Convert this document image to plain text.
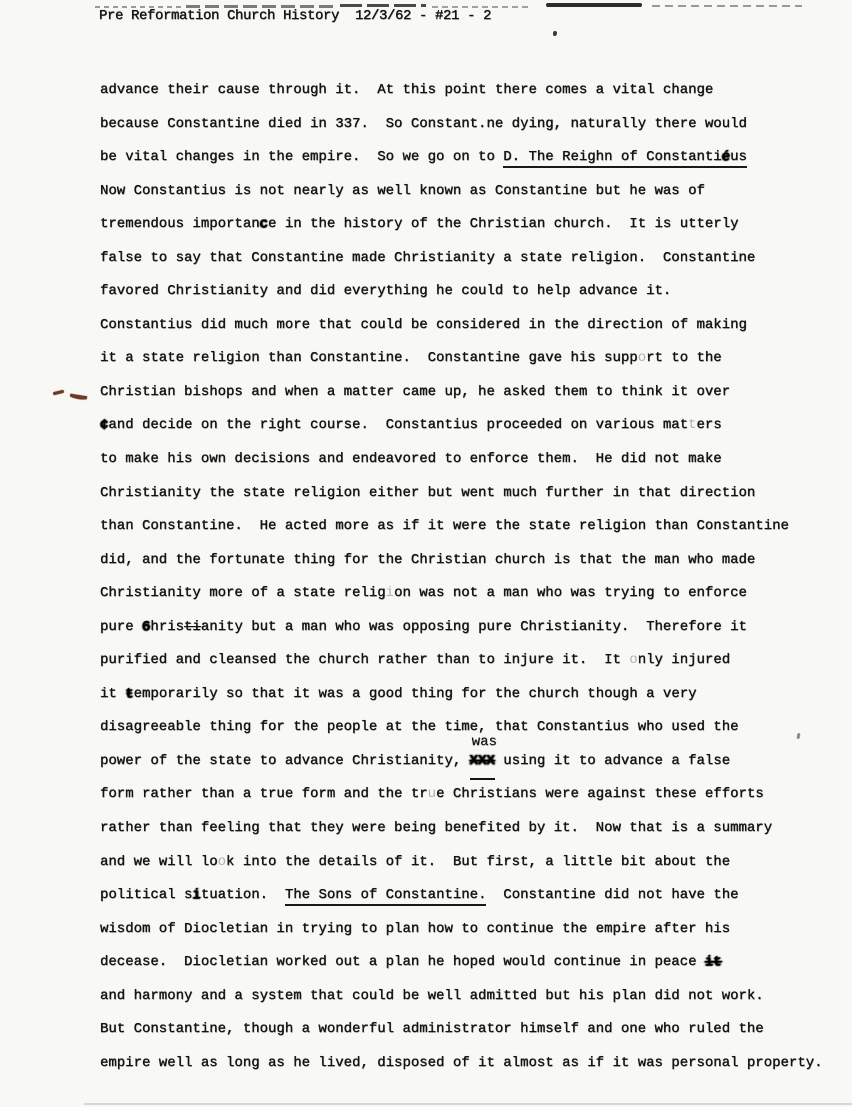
Pre Reformation Church History  12/3/62 - #21 - 2
advance their cause through it.  At this point there comes a vital change
because Constantine died in 337.  So Constant.ne dying, naturally there would
be vital changes in the empire.  So we go on to D. The Reighn of Constantiéus
Now Constantius is not nearly as well known as Constantine but he was of
tremendous importance in the history of the Christian church.  It is utterly
false to say that Constantine made Christianity a state religion.  Constantine
favored Christianity and did everything he could to help advance it.
Constantius did much more that could be considered in the direction of making
it a state religion than Constantine.  Constantine gave his support to the
Christian bishops and when a matter came up, he asked them to think it over
¢and decide on the right course.  Constantius proceeded on various matters
to make his own decisions and endeavored to enforce them.  He did not make
Christianity the state religion either but went much further in that direction
than Constantine.  He acted more as if it were the state religion than Constantine
did, and the fortunate thing for the Christian church is that the man who made
Christianity more of a state religion was not a man who was trying to enforce
pure 6hristianity but a man who was opposing pure Christianity.  Therefore it
purified and cleansed the church rather than to injure it.  It only injured
it ŧemporarily so that it was a good thing for the church though a very
disagreeable thing for the people at the time, that Constantius who used the
power of the state to advance Christianity, XXX
was
using it to advance a false
form rather than a true form and the true Christians were against these efforts
rather than feeling that they were being benefited by it.  Now that is a summary
and we will look into the details of it.  But first, a little bit about the
political situation.  The Sons of Constantine.  Constantine did not have the
wisdom of Diocletian in trying to plan how to continue the empire after his
decease.  Diocletian worked out a plan he hoped would continue in peace it
and harmony and a system that could be well admitted but his plan did not work.
But Constantine, though a wonderful administrator himself and one who ruled the
empire well as long as he lived, disposed of it almost as if it was personal property.
